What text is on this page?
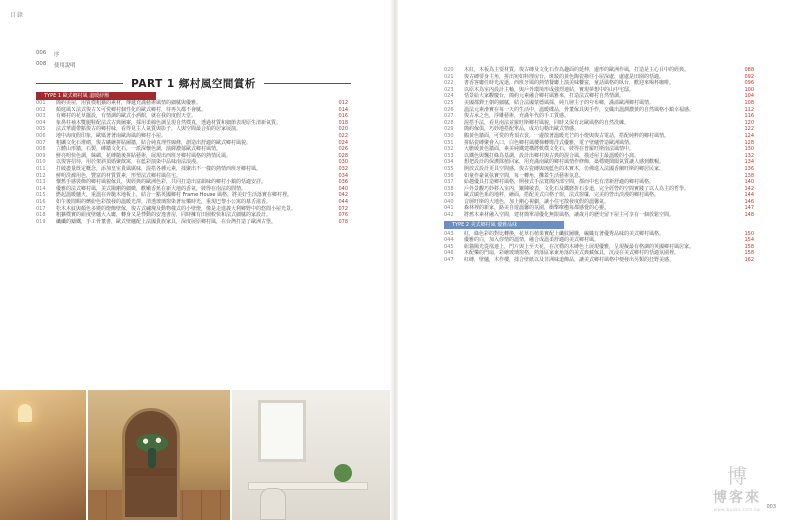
目錄
006	序
008	使用說明
PART 1 鄉村風空間賞析
TYPE 1 歐式鄉村風 溫暖紓壓
001	簡約美屋，用質樸粗獷的素材，傳遞充滿藝術風情的細膩與優雅。	012
002	顏庭風Ｘ法式復古Ｘ可愛鄉村個性化的歐式鄉村，待再久都不會膩。	014
003	有鄉村的花草擺設，有情調的歐式小酒館，就在我的度假天堂。	016
004	象鼻柱袖木雙腿鞋配法式古典圖案，採用柔綿色調呈現自然樸真，透過材質和細節表現原生清新氣質。	018
005	法式華麗帶點復古的鄉村味，看得見主人氣質與影子，人與空間最合拍的居家展演。	020
006	地中海度假印象，歐媽著著南歐海風的鄉村小屋。	022
007	粗礪文化石堆砌，復古礦繪拼貼圖牆，結合純真理性線條，創造出舒適的歐式鄉村風貌。	024
008	立體山形牆，石製，磚牆文化石，一派深懷色調，演繹濃郁歐式鄉村風情。	026
009	鮮亮明快色調，絲綢，花磚隨後拼貼藝術，展現出西班牙鄉村風格的熱情民風。	028
010	以復客招待，用於架斜頂婚聚飲寓，在藍彩演染中品味南法浪漫。	030
011	打破盡量既定概念，添加皇室貴風厲味，混搭各種元素，揉聚出不一樣的熱情西班牙鄉村風。	032
012	鮮明洗滌用色，豐富的材質質素，形塑法式鄉村風住宅。	034
013	懷舊手感裝飾的鄉村風貌傢具，與經典的歐洲色彩，共同打造出富韻味的鄉村小鎮的恬適安詳。	036
014	優雅的法式鄉村風，美式陽剛的細緻，歡嫩香蕉在新大地的香氣，彼得在南法的閒情。	040
015	燃起溫暖爐火，重溫在奔馳木地板上，結合一點英國鄉村 Frame House 風格，將美好生活落實在鄉村裡。	042
016	如午後閒暇的繽紛色彩散發的溫暖光澤，清透玻璃窗染著玩樂時光，重現巴黎小公寓的慕舌滋香。	044
017	松木木紋與顏色多變的燈飾壁傢，復古式繡塊及動物樣式的小壁燈，像是走進義大利鄉野中的悠閒小屋光景。	072
018	粗獷樸實的紐度壁爐大入廳，轉身又是悸動的安逸書房，同時擁有田園較快和法式細膩的家設計。	076
019	纖纖的鑄鐵，手工骨董書，歐式壁爐配上法國貴族家具，深度展原鄉村風，在台灣打造了歐洲古堡。	078
020	木紅，木板為主要材質，復古磚及文化石作為趣面的延伸，邊形的歐洲作風，打造是主心目中的經典。	088
021	復古磚要身主角，拼出宛如料理房台，斑駁的黃色陶瓷撥往小屋深處，處處是田園的恬適。	092
022	書香客廳任時光流逝，西班牙風的熱情餐廳上演美味饗宴，童話風格的臥台，歡迎來喝杯咖啡。	096
023	以原木為室內設計主軸，與戶外環境形成強烈連結，實現夢想中的山中宅邸。	100
024	恬景給大家觀慶台，簡約元素融合鄉村風雅來，打造法式鄉村自然情調。	104
025	美國都鐸王朝的細膩，結合法國蒙德風採，純九層主子的夸布鄉，滿溢歐洲鄉村風情。	108
026	溫法元素滑實在每一天的生活中，溫暖碟品，骨董傢具與手作，交織出溫潤濃黃的自然風格小鎮幸福感。	112
027	復古承之色，浮雕藝術，充滿年代的手工質感。	116
028	混搭手法，看見南法並羅旺斯鄉村風貌，同時又保有北歐風格的自然洗練。	120
029	簡約傢俱，巧妙地搭配單品，成功勾勒出歐式情感。	122
030	鵝黃色牆面，可愛的秀頂衣裳，一邊散著溫暖光芒的小燈與復古電話，搭配純粹的鄉村風情。	124
031	拼貼瓷磚聚會入口，白色鄉村風樓梯轉彎洋式優雅，電子壁爐營造歐洲風情。	128
032	大膽緩黃色牆面，素美純鐵建構將軟樸文化石，彼得在普羅旺斯南法風情中。	130
033	以鐵色與飄打綠為基調，設計出鄉村與古典的混合風，描述屋主最溫暖的小窩。	132
034	想把設計的保護隊植回家，用充滿南歐的鄉村風情作修飾，築穩變鬧闊氣質讓人感到歡暢。	134
035	開放式設計更具空間感，復古瓷磚與琉藍色的木實木，仿佛進入法國香蘭旺斯的鄉居民家。	136
036	如童作豪氣弦實空間，每一轉角，攤蓋生活藝術氛息。	138
037	給越優具打造鄉村風格，開發式手法寬簡內部空間，都而中也有清新舒適的鄉村風格。	140
038	戶外景觀巧妙移入室內，鑲陳敏表，文化石及鐵磨折石步道，完全經營的空間實踐了以人為主的哲學。	142
039	歐式碳色系的地秤，繪面，搭配美式白格子窗，法式窗簾，完美的營出淡漫的鄉村風格。	144
040	音層旺斯的大地色，加上剛心視劇，讓小住宅散發度假的溫馨氣。	146
041	森林裡的新家，路美自遊溫馨的氛圍，衝擊療癒每都感覺的心靈。	147
042	將舊木素材融入空間，建材簡單卻優化無限風格，讓歲月的歷史留下屋主可享有一個放鬆空間。	148
TYPE 2 美式鄉村風 優雅品味
043	紅，綠色彩的對比轉換，花草石植果實配上纖紋圖騰，編織有著優秀品味的美式鄉村風格。	150
044	優雅的白，加入你情的溫情，融合成溫柔舒適的美式鄉村風。	154
045	紐貓陽光從凰連上，門片與上至天花，在沉穩的木磚色上展現優雅，呈現擬最有格調的英國鄉村風居家。	158
046	木配樂的門扇，彩繪玻璃窗格，熱落區家東角落的美式典藏傢具，沉浸在美式鄉村的恬適氛圍裡。	158
047	紅磚，壁爐，木作樓，揉合壁紙以及非洲味道飾品，讓美式鄉村風格中便發出另類的狂野美感。	162
博
博客來
www.books.com.tw	003
